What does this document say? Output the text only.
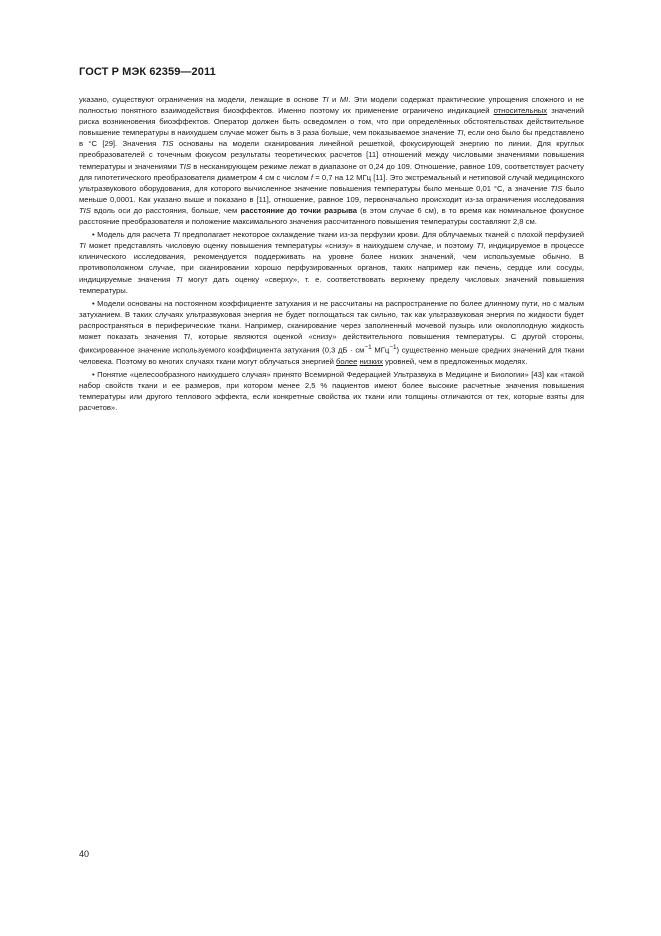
ГОСТ Р МЭК 62359—2011

указано, существуют ограничения на модели, лежащие в основе TI и MI. Эти модели содержат практические упрощения сложного и не полностью понятного взаимодействия биоэффектов. Именно поэтому их применение ограничено индикацией относительных значений риска возникновения биоэффектов. Оператор должен быть осведомлен о том, что при определённых обстоятельствах действительное повышение температуры в наихудшем случае может быть в 3 раза больше, чем показываемое значение TI, если оно было бы представлено в °С [29]. Значения TIS основаны на модели сканирования линейной решеткой, фокусирующей энергию по линии. Для круглых преобразователей с точечным фокусом результаты теоретических расчетов [11] отношений между числовыми значениями повышения температуры и значениями TIS в несканирующем режиме лежат в диапазоне от 0,24 до 109. Отношение, равное 109, соответствует расчету для гипотетического преобразователя диаметром 4 см с числом f = 0,7 на 12 МГц [11]. Это экстремальный и нетиповой случай медицинского ультразвукового оборудования, для которого вычисленное значение повышения температуры было меньше 0,01 °С, а значение TIS было меньше 0,0001. Как указано выше и показано в [11], отношение, равное 109, первоначально происходит из-за ограничения исследования TIS вдоль оси до расстояния, больше, чем расстояние до точки разрыва (в этом случае 6 см), в то время как номинальное фокусное расстояние преобразователя и положение максимального значения рассчитанного повышения температуры составляют 2,8 см.

• Модель для расчета TI предполагает некоторое охлаждение ткани из-за перфузии крови. Для облучаемых тканей с плохой перфузией TI может представлять числовую оценку повышения температуры «снизу» в наихудшем случае, и поэтому TI, индицируемое в процессе клинического исследования, рекомендуется поддерживать на уровне более низких значений, чем используемые обычно. В противоположном случае, при сканировании хорошо перфузированных органов, таких например как печень, сердце или сосуды, индицируемые значения TI могут дать оценку «сверху», т. е. соответствовать верхнему пределу числовых значений повышения температуры.

• Модели основаны на постоянном коэффициенте затухания и не рассчитаны на распространение по более длинному пути, но с малым затуханием. В таких случаях ультразвуковая энергия не будет поглощаться так сильно, так как ультразвуковая энергия по жидкости будет распространяться в периферические ткани. Например, сканирование через заполненный мочевой пузырь или околоплодную жидкость может показать значения TI, которые являются оценкой «снизу» действительного повышения температуры. С другой стороны, фиксированное значение используемого коэффициента затухания (0,3 дБ · $см^{-1}$ МГц$^{-1}$) существенно меньше средних значений для ткани человека. Поэтому во многих случаях ткани могут облучаться энергией более низких уровней, чем в предложенных моделях.

• Понятие «целесообразного наихудшего случая» принято Всемирной Федерацией Ультразвука в Медицине и Биологии» [43] как «такой набор свойств ткани и ее размеров, при котором менее 2,5 % пациентов имеют более высокие расчетные значения повышения температуры или другого теплового эффекта, если конкретные свойства их ткани или толщины отличаются от тех, которые взяты для расчетов».

40
